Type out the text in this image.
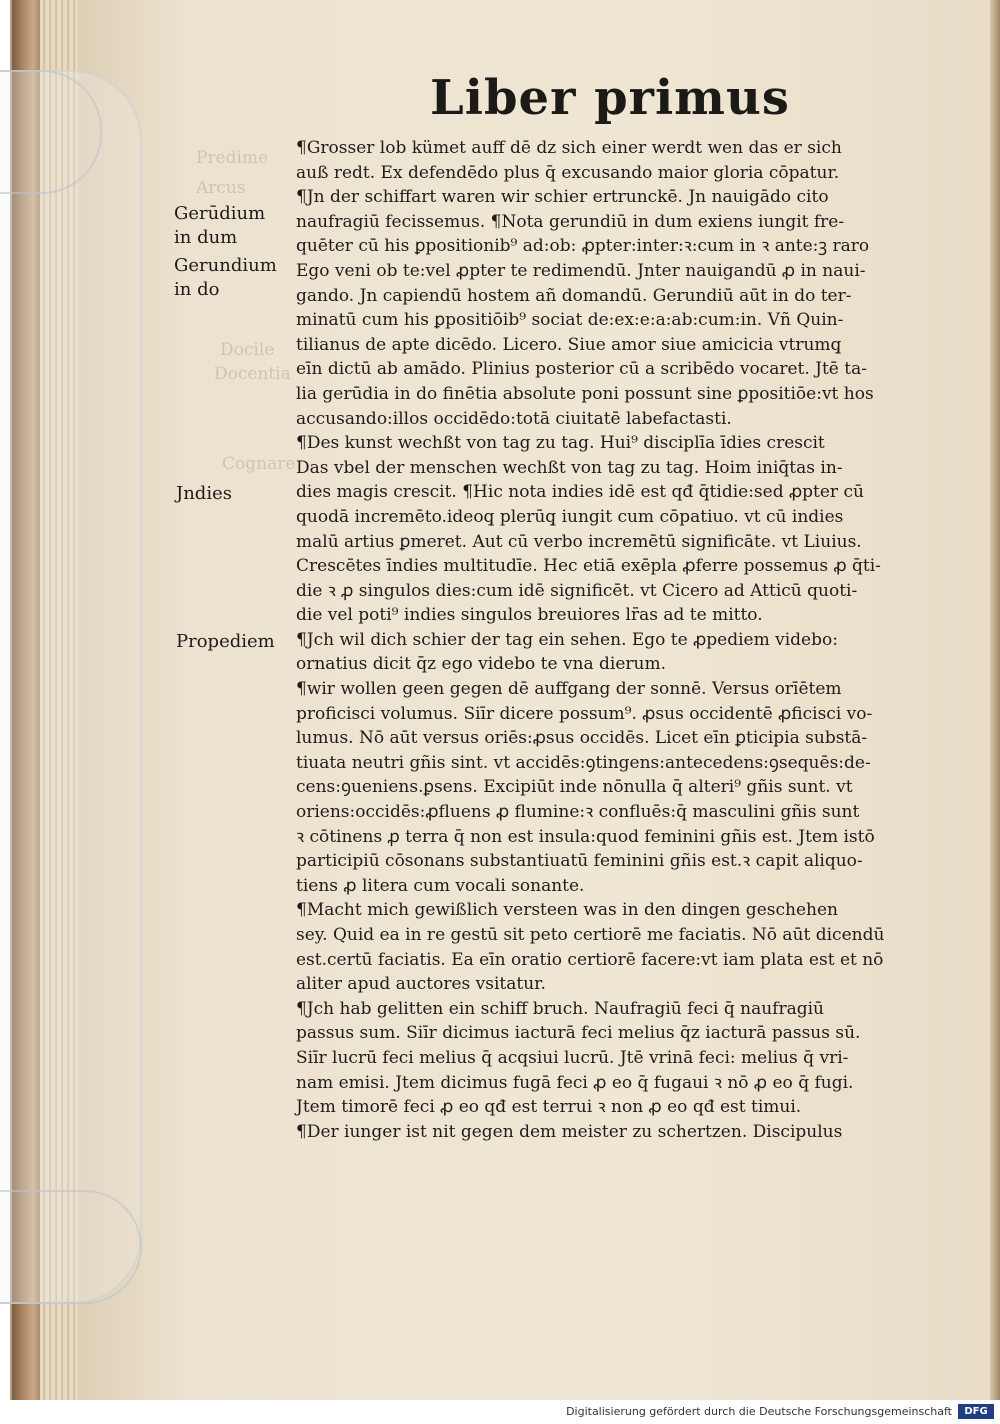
Predime
Arcus
Docile
Docentia
Cognare
Liber primus
Gerūdium
in dum
Gerundium
in do
Jndies
Propediem
¶Grosser lob kümet auff dē dz sich einer werdt wen das er sich
auß redt. Ex defendēdo plus q̄ excusando maior gloria cōpatur.
¶Jn der schiffart waren wir schier ertrunckē. Jn nauigādo cito
naufragiū fecissemus. ¶Nota gerundiū in dum exiens iungit fre-
quēter cū his ꝑpositionib⁹ ad:ob: ꝓpter:inter:ꝛ:cum in ꝛ ante:ꝫ raro
Ego veni ob te:vel ꝓpter te redimendū. Jnter nauigandū ꝓ in naui-
gando. Jn capiendū hostem añ domandū. Gerundiū aūt in do ter-
minatū cum his ꝑpositiōib⁹ sociat de:ex:e:a:ab:cum:in. Vñ Quin-
tilianus de apte dicēdo. Licero. Siue amor siue amicicia vtrumq̧
eīn dictū ab amādo. Plinius posterior cū a scribēdo vocaret. Jtē ta-
lia gerūdia in do finētia absolute poni possunt sine ꝑpositiōe:vt hos
accusando:illos occidēdo:totā ciuitatē labefactasti.
¶Des kunst wechßt von tag zu tag. Hui⁹ disciplīa īdies crescit
Das vbel der menschen wechßt von tag zu tag. Hoim iniq̄tas in-
dies magis crescit. ¶Hic nota indies idē est qđ q̄tidie:sed ꝓpter cū
quodā incremēto.ideoq̧ plerūq̧ iungit cum cōpatiuo. vt cū indies
malū artius ꝑmeret. Aut cū verbo incremētū significāte. vt Liuius.
Crescētes īndies multitudīe. Hec etiā exēpla ꝓferre possemus ꝓ q̄ti-
die ꝛ ꝓ singulos dies:cum idē significēt. vt Cicero ad Atticū quoti-
die vel poti⁹ indies singulos breuiores lr̄as ad te mitto.
¶Jch wil dich schier der tag ein sehen. Ego te ꝓpediem videbo:
ornatius dicit q̄z ego videbo te vna dierum.
¶wir wollen geen gegen dē auffgang der sonnē. Versus orīētem
proficisci volumus. Siīr dicere possum⁹. ꝓsus occidentē ꝓficisci vo-
lumus. Nō aūt versus oriēs:ꝓsus occidēs. Licet eīn ꝑticipia substā-
tiuata neutri gñis sint. vt accidēs:ꝯtingens:antecedens:ꝯsequēs:de-
cens:ꝯueniens.ꝑsens. Excipiūt inde nōnulla q̄ alteri⁹ gñis sunt. vt
oriens:occidēs:ꝓfluens ꝓ flumine:ꝛ confluēs:q̄ masculini gñis sunt
ꝛ cōtinens ꝓ terra q̄ non est insula:quod feminini gñis est. Jtem istō
participiū cōsonans substantiuatū feminini gñis est.ꝛ capit aliquo-
tiens ꝓ litera cum vocali sonante.
¶Macht mich gewißlich versteen was in den dingen geschehen
sey. Quid ea in re gestū sit peto certiorē me faciatis. Nō aūt dicendū
est.certū faciatis. Ea eīn oratio certiorē facere:vt iam plata est et nō
aliter apud auctores vsitatur.
¶Jch hab gelitten ein schiff bruch. Naufragiū feci q̄ naufragiū
passus sum. Siīr dicimus iacturā feci melius q̄z iacturā passus sū.
Siīr lucrū feci melius q̄ acqsiui lucrū. Jtē vrinā feci: melius q̄ vri-
nam emisi. Jtem dicimus fugā feci ꝓ eo q̄ fugaui ꝛ nō ꝓ eo q̄ fugi.
Jtem timorē feci ꝓ eo qđ est terrui ꝛ non ꝓ eo qđ est timui.
¶Der iunger ist nit gegen dem meister zu schertzen. Discipulus
Digitalisierung gefördert durch die Deutsche Forschungsgemeinschaft	DFG
